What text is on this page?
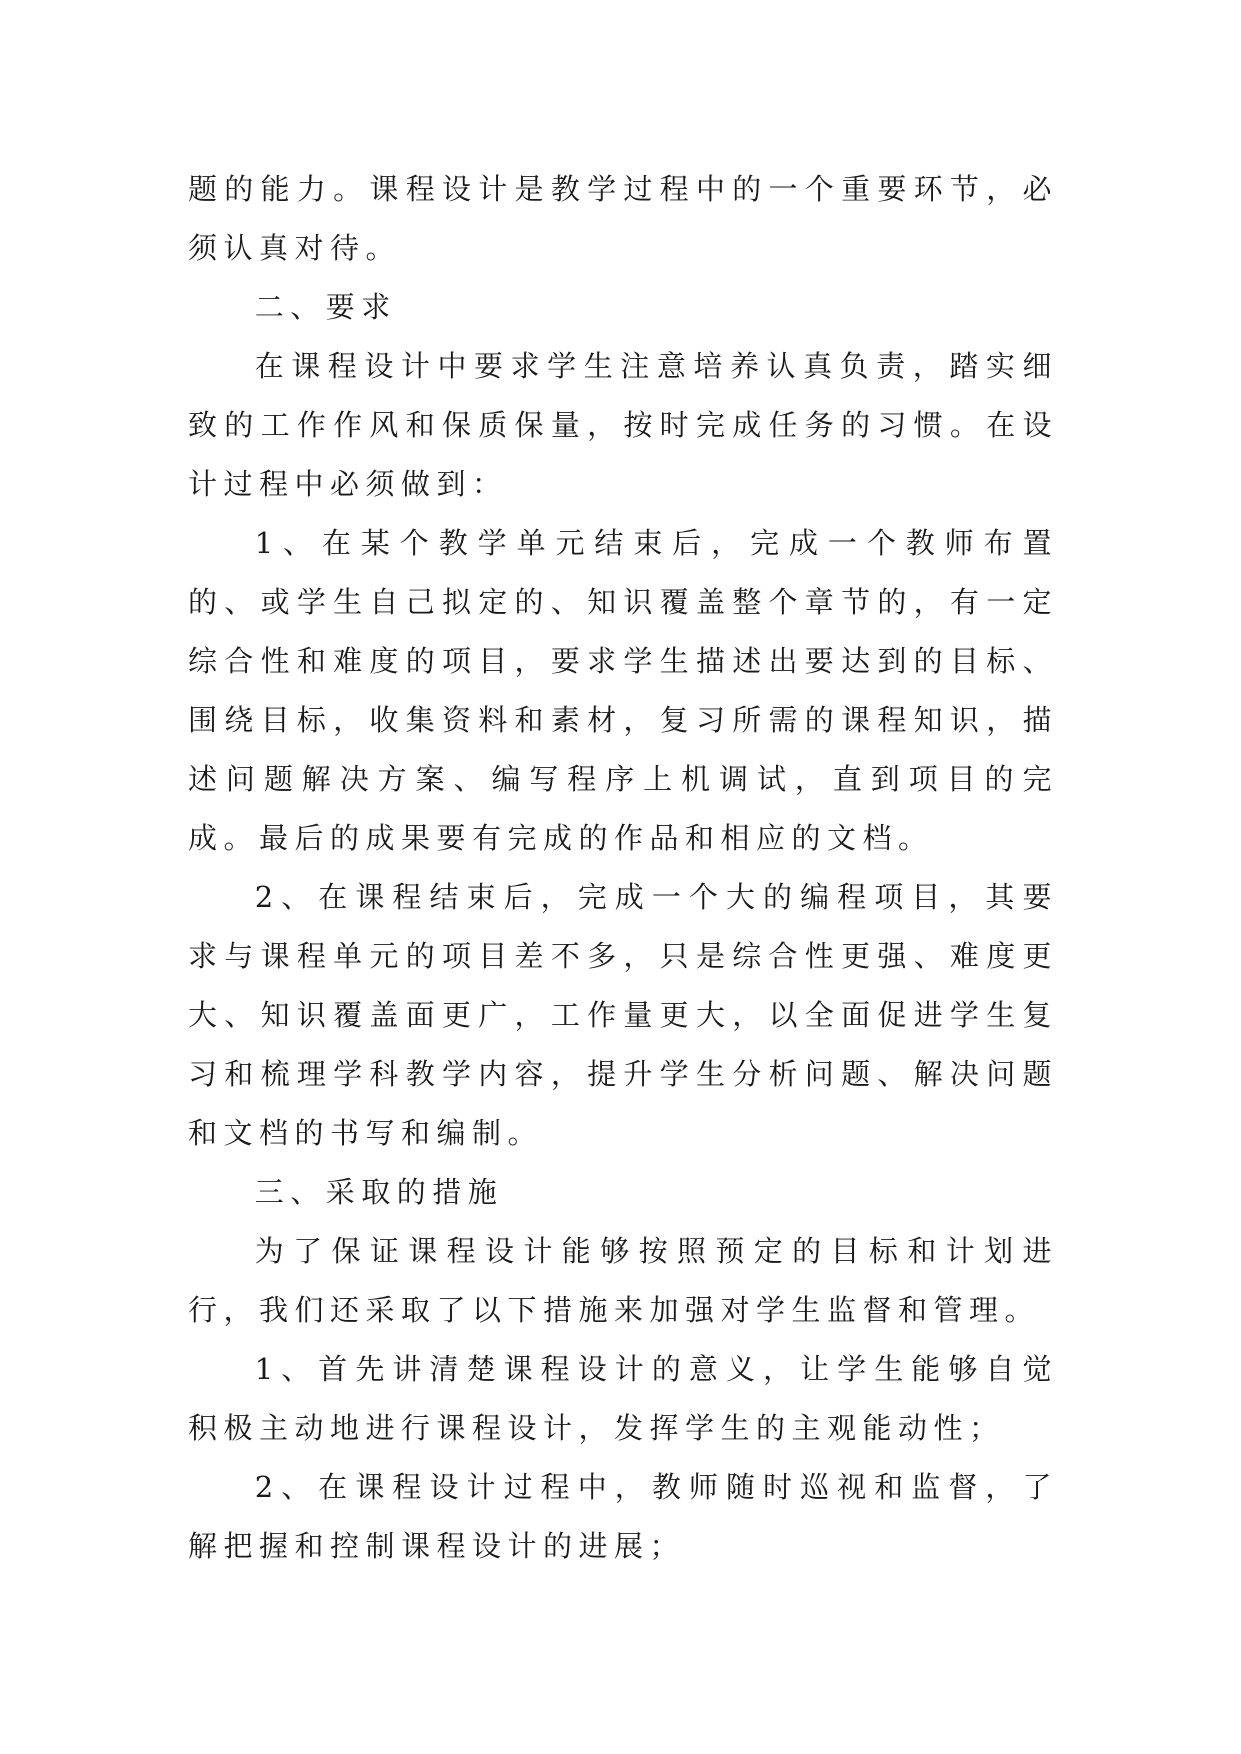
题的能力。课程设计是教学过程中的一个重要环节，必须认真对待。

二、要求

在课程设计中要求学生注意培养认真负责，踏实细致的工作作风和保质保量，按时完成任务的习惯。在设计过程中必须做到：

1、在某个教学单元结束后，完成一个教师布置的、或学生自己拟定的、知识覆盖整个章节的，有一定综合性和难度的项目，要求学生描述出要达到的目标、围绕目标，收集资料和素材，复习所需的课程知识，描述问题解决方案、编写程序上机调试，直到项目的完成。最后的成果要有完成的作品和相应的文档。

2、在课程结束后，完成一个大的编程项目，其要求与课程单元的项目差不多，只是综合性更强、难度更大、知识覆盖面更广，工作量更大，以全面促进学生复习和梳理学科教学内容，提升学生分析问题、解决问题和文档的书写和编制。

三、采取的措施

为了保证课程设计能够按照预定的目标和计划进行，我们还采取了以下措施来加强对学生监督和管理。

1、首先讲清楚课程设计的意义，让学生能够自觉积极主动地进行课程设计，发挥学生的主观能动性；

2、在课程设计过程中，教师随时巡视和监督，了解把握和控制课程设计的进展；
